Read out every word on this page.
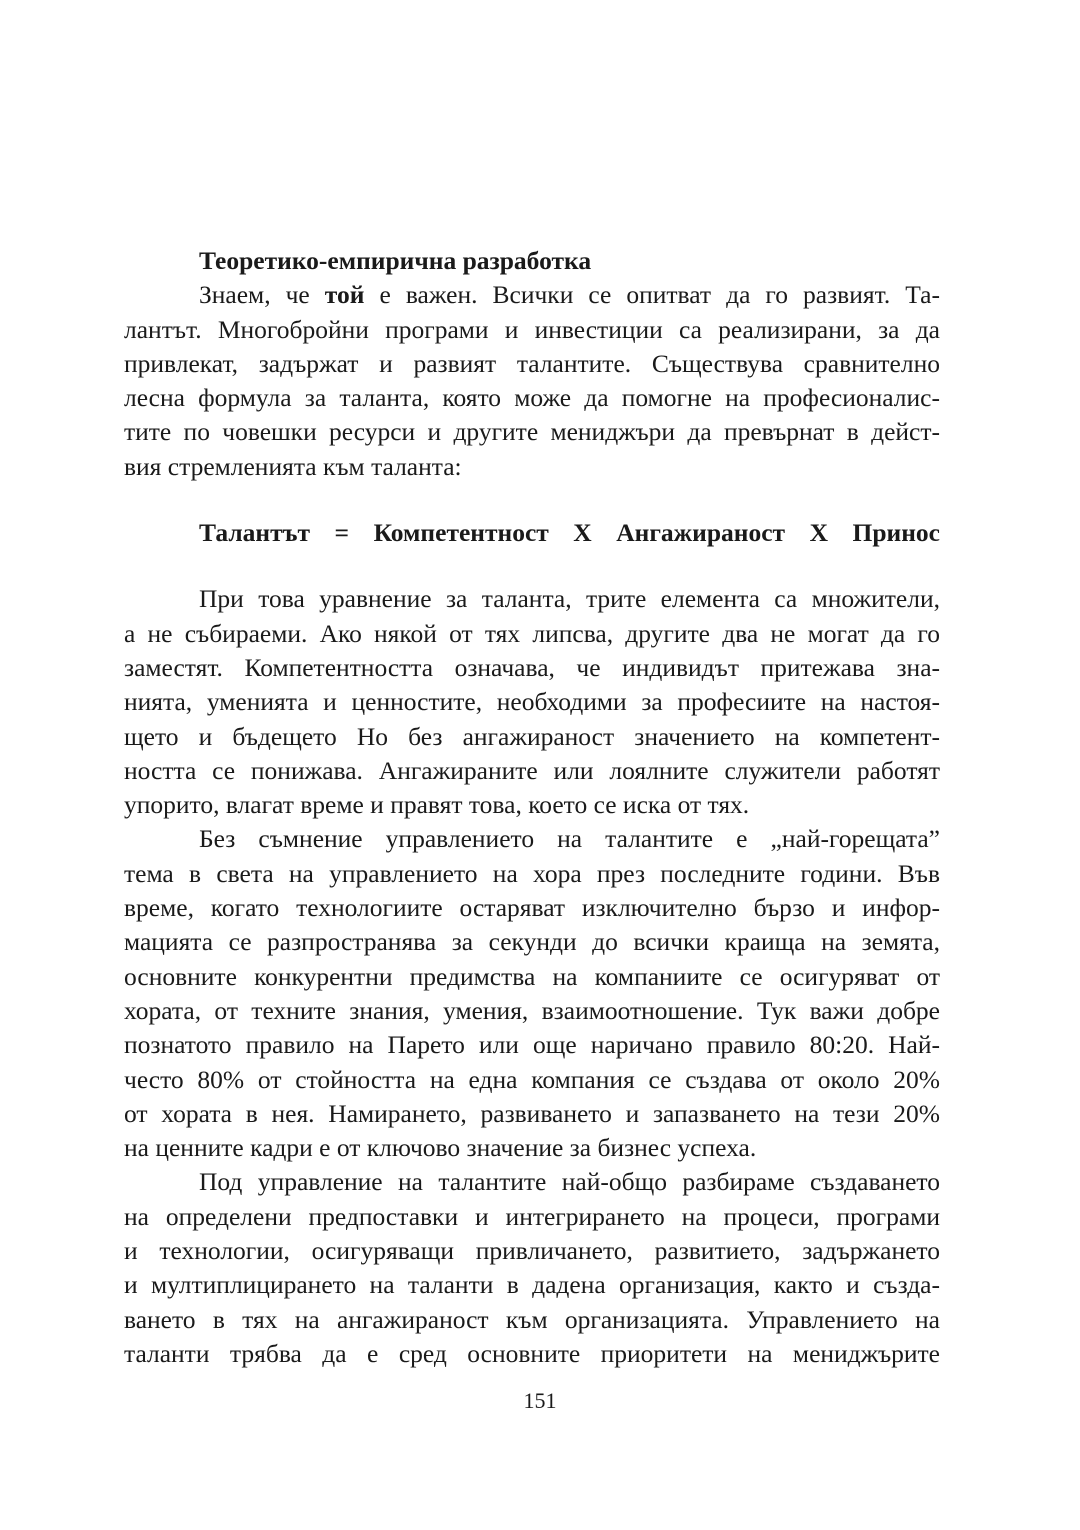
Теоретико-емпирична разработка
Знаем, че той е важен. Всички се опитват да го развият. Та-
лантът. Многобройни програми и инвестиции са реализирани, за да
привлекат, задържат и развият талантите. Съществува сравнително
лесна формула за таланта, която може да помогне на професионалис-
тите по човешки ресурси и другите мениджъри да превърнат в дейст-
вия стремленията към таланта:
Талантът = Компетентност Х Ангажираност Х Принос
При това уравнение за таланта, трите елемента са множители,
а не събираеми. Ако някой от тях липсва, другите два не могат да го
заместят. Компетентността означава, че индивидът притежава зна-
нията, уменията и ценностите, необходими за професиите на настоя-
щето и бъдещето Но без ангажираност значението на компетент-
ността се понижава. Ангажираните или лоялните служители работят
упорито, влагат време и правят това, което се иска от тях.
Без съмнение управлението на талантите е „най-горещата”
тема в света на управлението на хора през последните години. Във
време, когато технологиите остаряват изключително бързо и инфор-
мацията се разпространява за секунди до всички краища на земята,
основните конкурентни предимства на компаниите се осигуряват от
хората, от техните знания, умения, взаимоотношение. Тук важи добре
познатото правило на Парето или още наричано правило 80:20. Най-
често 80% от стойността на една компания се създава от около 20%
от хората в нея. Намирането, развиването и запазването на тези 20%
на ценните кадри е от ключово значение за бизнес успеха.
Под управление на талантите най-общо разбираме създаването
на определени предпоставки и интегрирането на процеси, програми
и технологии, осигуряващи привличането, развитието, задържането
и мултиплицирането на таланти в дадена организация, както и създа-
ването в тях на ангажираност към организацията. Управлението на
таланти трябва да е сред основните приоритети на мениджърите
151
